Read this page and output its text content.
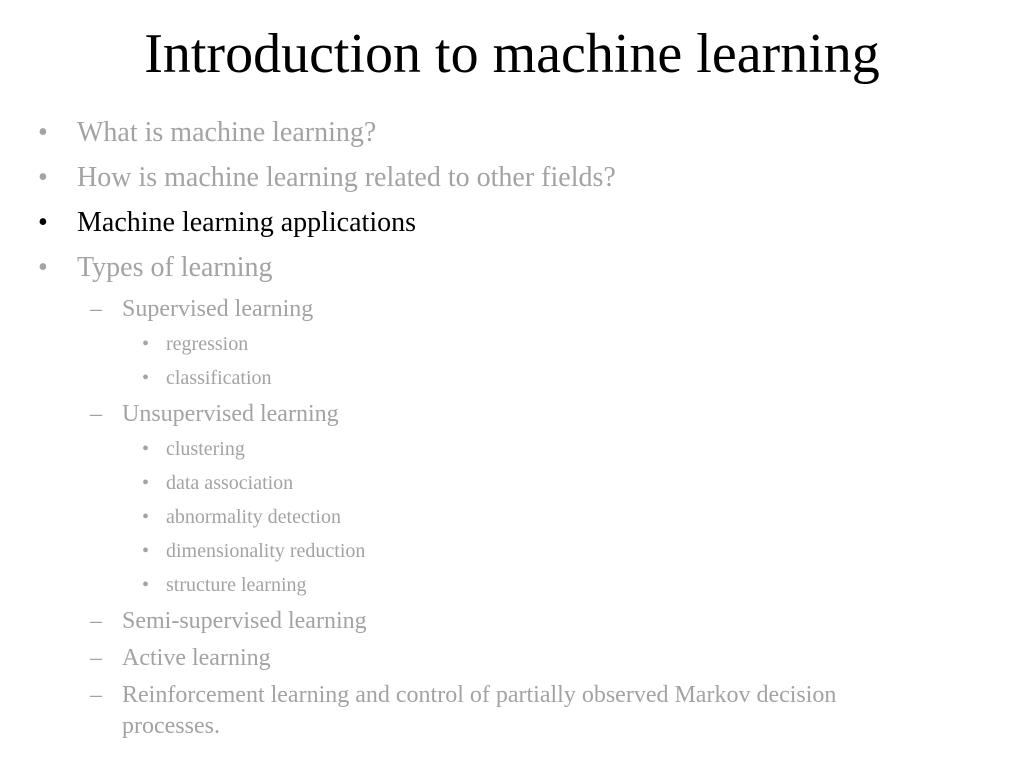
Introduction to machine learning
• What is machine learning?
• How is machine learning related to other fields?
• Machine learning applications
• Types of learning
– Supervised learning
• regression
• classification
– Unsupervised learning
• clustering
• data association
• abnormality detection
• dimensionality reduction
• structure learning
– Semi-supervised learning
– Active learning
– Reinforcement learning and control of partially observed Markov decision
processes.
